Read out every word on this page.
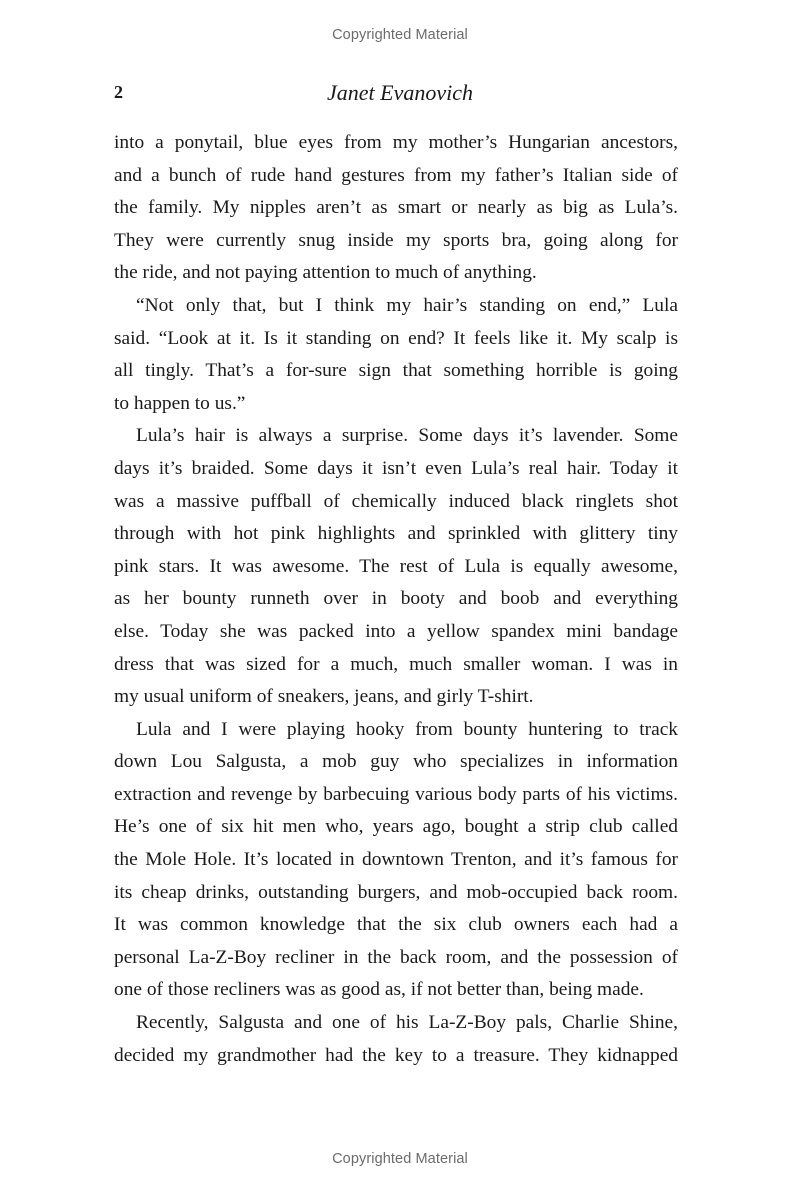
Copyrighted Material
2	Janet Evanovich
into a ponytail, blue eyes from my mother’s Hungarian ancestors,
and a bunch of rude hand gestures from my father’s Italian side of
the family. My nipples aren’t as smart or nearly as big as Lula’s.
They were currently snug inside my sports bra, going along for
the ride, and not paying attention to much of anything.
“Not only that, but I think my hair’s standing on end,” Lula
said. “Look at it. Is it standing on end? It feels like it. My scalp is
all tingly. That’s a for-sure sign that something horrible is going
to happen to us.”
Lula’s hair is always a surprise. Some days it’s lavender. Some
days it’s braided. Some days it isn’t even Lula’s real hair. Today it
was a massive puffball of chemically induced black ringlets shot
through with hot pink highlights and sprinkled with glittery tiny
pink stars. It was awesome. The rest of Lula is equally awesome,
as her bounty runneth over in booty and boob and everything
else. Today she was packed into a yellow spandex mini bandage
dress that was sized for a much, much smaller woman. I was in
my usual uniform of sneakers, jeans, and girly T-shirt.
Lula and I were playing hooky from bounty huntering to track
down Lou Salgusta, a mob guy who specializes in information
extraction and revenge by barbecuing various body parts of his victims.
He’s one of six hit men who, years ago, bought a strip club called
the Mole Hole. It’s located in downtown Trenton, and it’s famous for
its cheap drinks, outstanding burgers, and mob-occupied back room.
It was common knowledge that the six club owners each had a
personal La-Z-Boy recliner in the back room, and the possession of
one of those recliners was as good as, if not better than, being made.
Recently, Salgusta and one of his La-Z-Boy pals, Charlie Shine,
decided my grandmother had the key to a treasure. They kidnapped
Copyrighted Material
